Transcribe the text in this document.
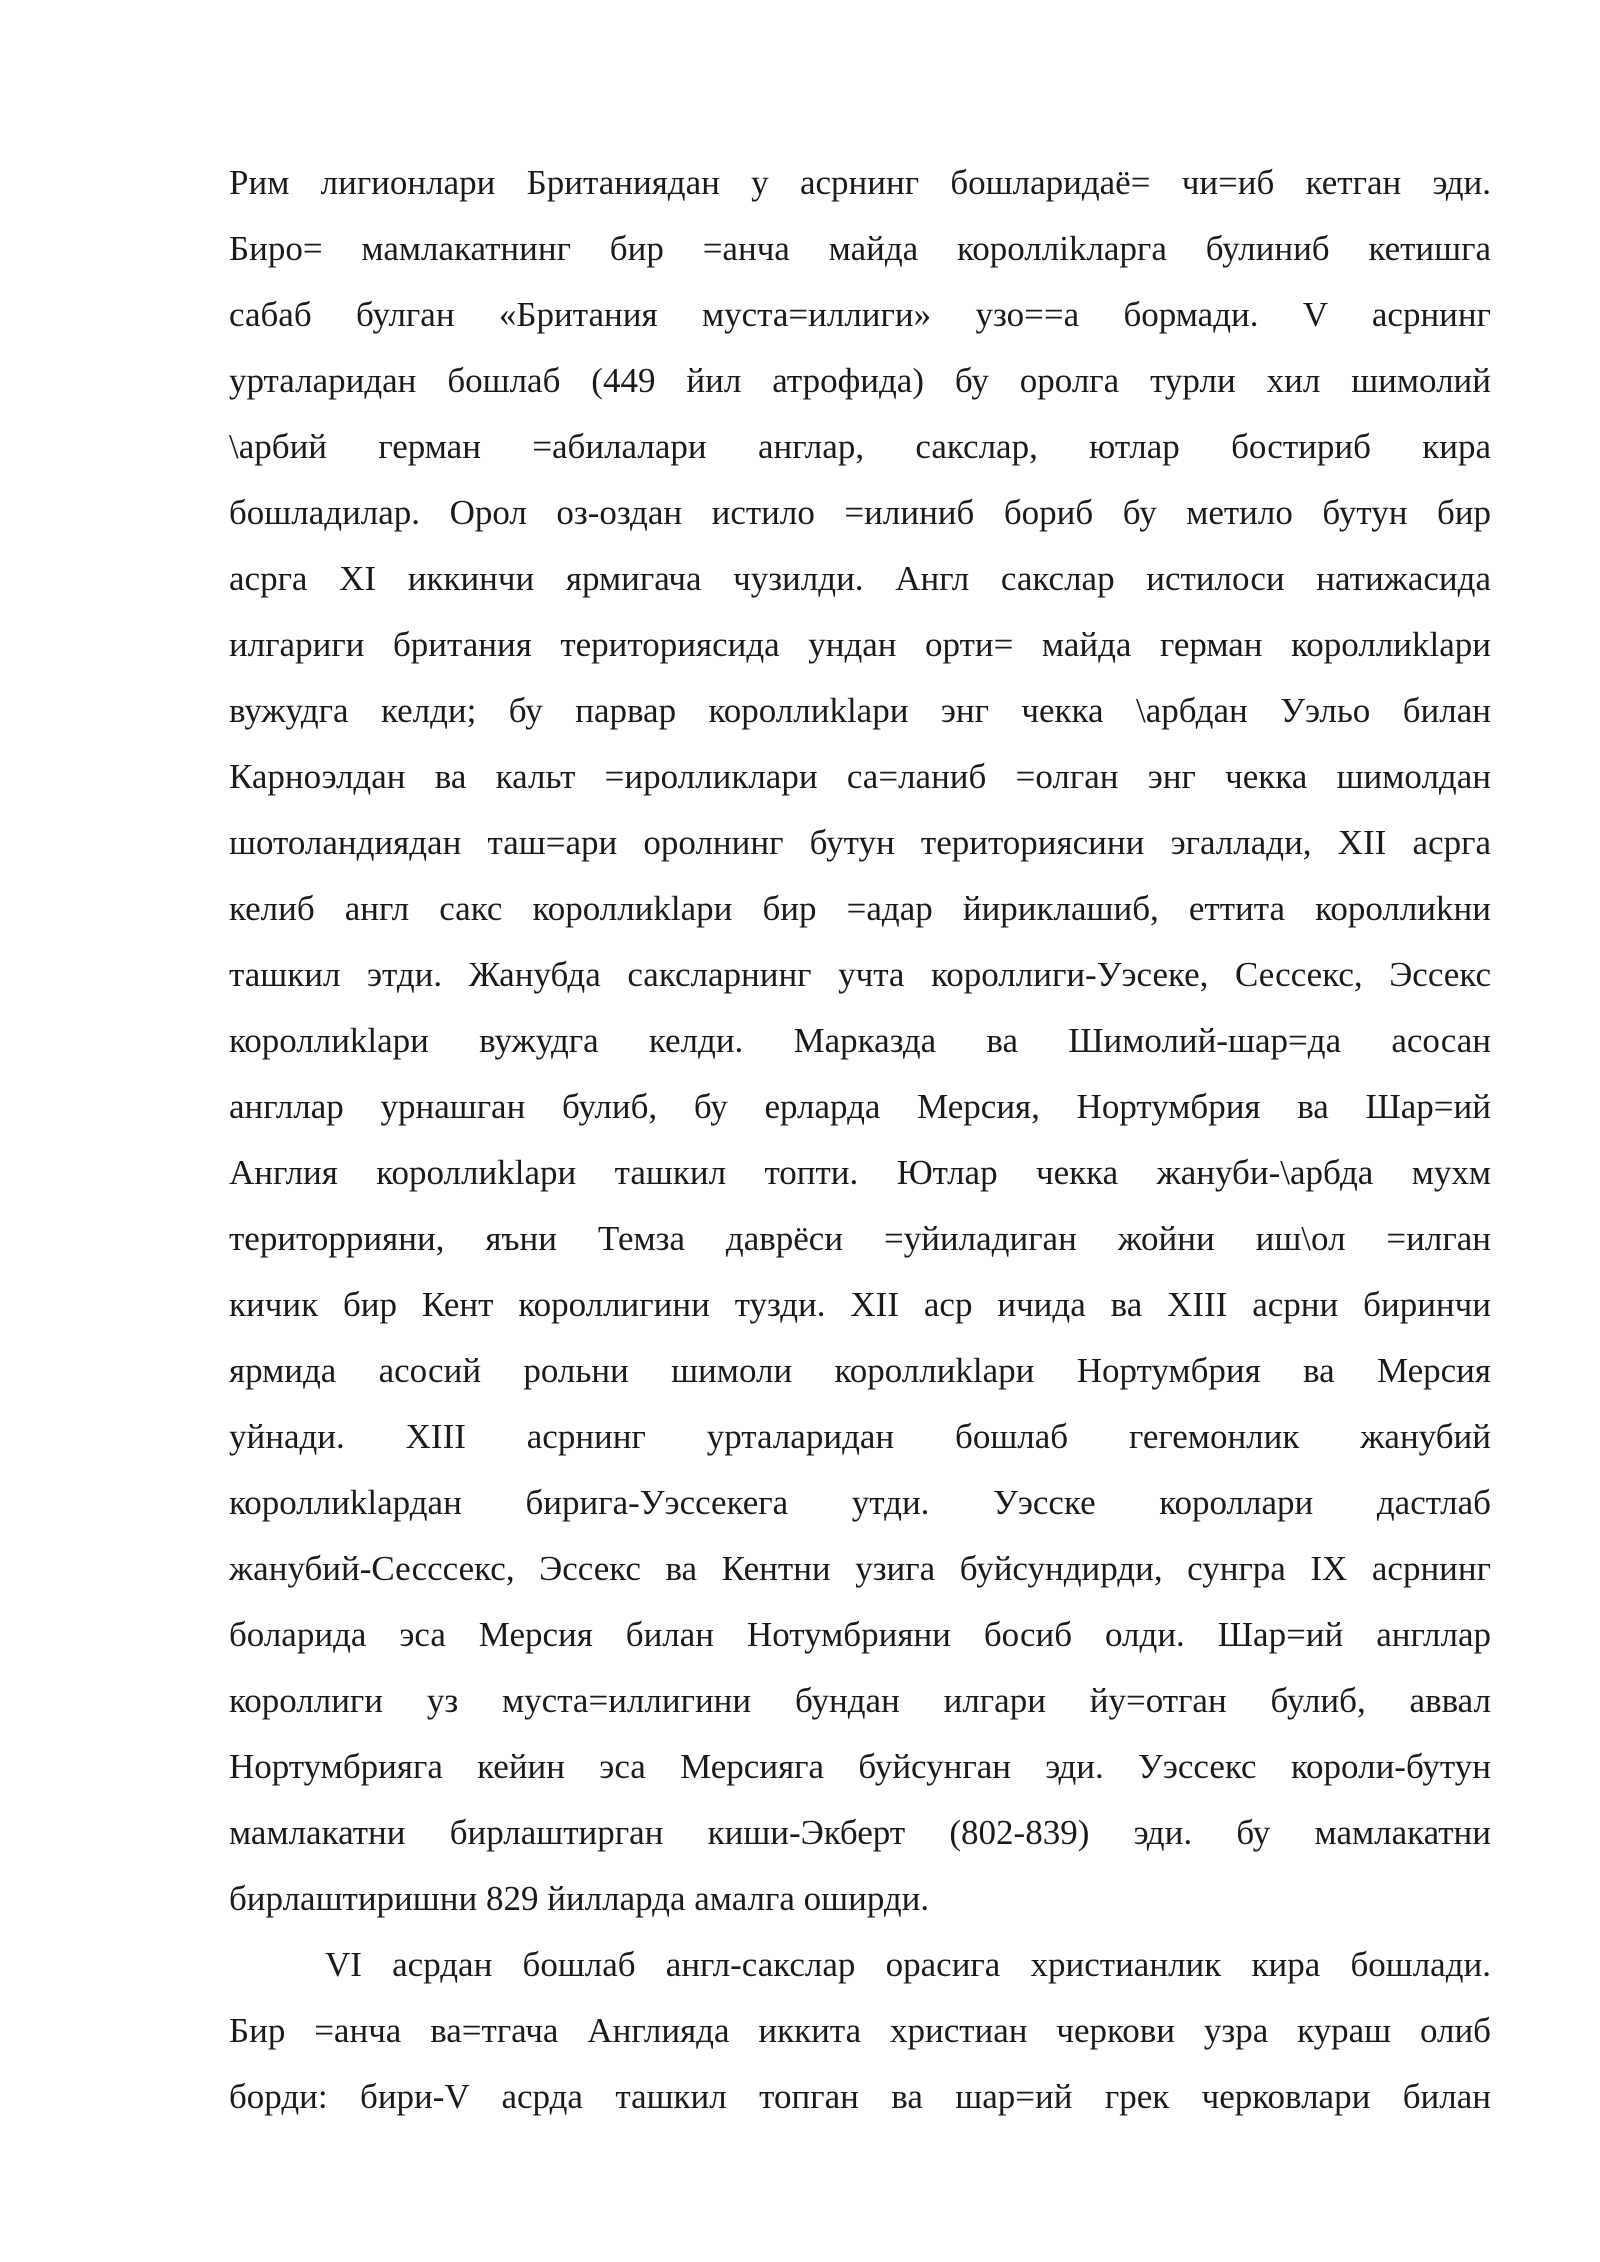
Рим лигионлари Британиядан у асрнинг бошларидаё= чи=иб кетган эди.
Биро= мамлакатнинг бир =анча майда короллikларга булиниб кетишга
сабаб булган «Британия муста=иллиги» узо==а бормади. V асрнинг
урталаридан бошлаб (449 йил атрофида) бу оролга турли хил шимолий
\арбий герман =абилалари англар, сакслар, ютлар бостириб кира
бошладилар. Орол оз-оздан истило =илиниб бориб бу метило бутун бир
асрга XI иккинчи ярмигача чузилди. Англ сакслар истилоси натижасида
илгариги британия териториясида ундан орти= майда герман короллиklари
вужудга келди; бу парвар короллиklари энг чекка \арбдан Уэльо билан
Карноэлдан ва кальт =иролликлари са=ланиб =олган энг чекка шимолдан
шотоландиядан таш=ари оролнинг бутун териториясини эгаллади, XII асрга
келиб англ сакс короллиklари бир =адар йириклашиб, еттита короллиkни
ташкил этди. Жанубда саксларнинг учта короллиги-Уэсеке, Сессекс, Эссекс
короллиklари вужудга келди. Марказда ва Шимолий-шар=да асосан
англлар урнашган булиб, бу ерларда Мерсия, Нортумбрия ва Шар=ий
Англия короллиklари ташкил топти. Ютлар чекка жануби-\арбда мухм
територрияни, яъни Темза даврёси =уйиладиган жойни иш\ол =илган
кичик бир Кент короллигини тузди. XII аср ичида ва XIII асрни биринчи
ярмида асосий рольни шимоли короллиklари Нортумбрия ва Мерсия
уйнади. XIII асрнинг урталаридан бошлаб гегемонлик жанубий
короллиklардан бирига-Уэссекега утди. Уэсске короллари дастлаб
жанубий-Сесссекс, Эссекс ва Кентни узига буйсундирди, сунгра IX асрнинг
боларида эса Мерсия билан Нотумбрияни босиб олди. Шар=ий англлар
короллиги уз муста=иллигини бундан илгари йу=отган булиб, аввал
Нортумбрияга кейин эса Мерсияга буйсунган эди. Уэссекс короли-бутун
мамлакатни бирлаштирган киши-Экберт (802-839) эди. бу мамлакатни
бирлаштиришни 829 йилларда амалга оширди.
VI асрдан бошлаб англ-сакслар орасига христианлик кира бошлади.
Бир =анча ва=тгача Англияда иккита христиан черкови узра кураш олиб
борди: бири-V асрда ташкил топган ва шар=ий грек черковлари билан
